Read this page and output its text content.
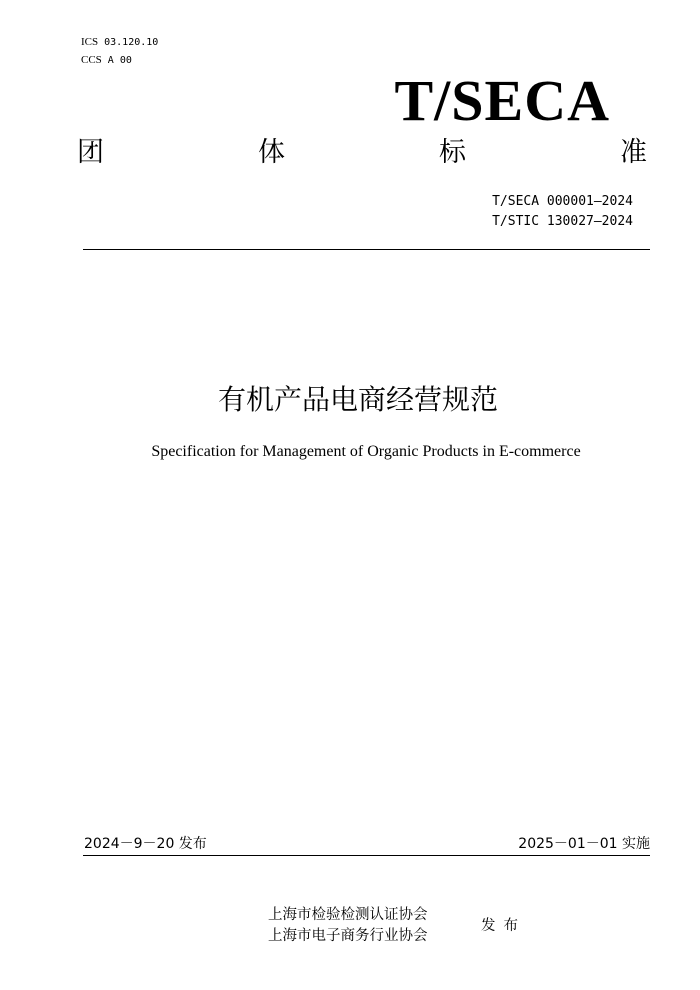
ICS 03.120.10
CCS A 00
T/SECA
团	体	标	准
T/SECA 000001—2024
T/STIC 130027—2024
有机产品电商经营规范
Specification for Management of Organic Products in E-commerce
2024－9－20 发布	2025－01－01 实施
上海市检验检测认证协会
上海市电子商务行业协会
发布
